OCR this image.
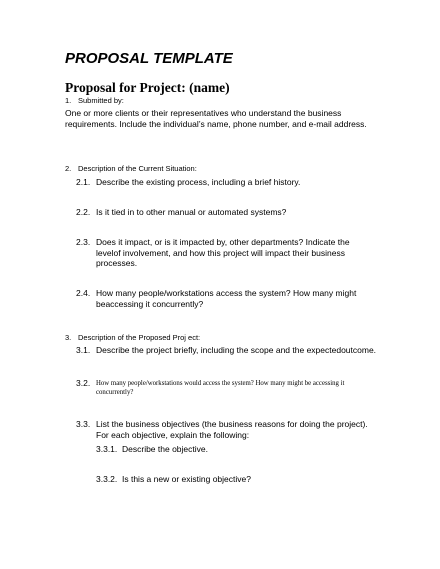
PROPOSAL TEMPLATE
Proposal for Project: (name)
1. Submitted by:
One or more clients or their representatives who understand the business requirements. Include the individual’s name, phone number, and e-mail address.
2. Description of the Current Situation:
2.1. Describe the existing process, including a brief history.
2.2. Is it tied in to other manual or automated systems?
2.3. Does it impact, or is it impacted by, other departments? Indicate the levelof involvement, and how this project will impact their business processes.
2.4. How many people/workstations access the system? How many might beaccessing it concurrently?
3. Description of the Proposed Proj ect:
3.1. Describe the project briefly, including the scope and the expectedoutcome.
3.2. How many people/workstations would access the system? How many might be accessing it concurrently?
3.3. List the business objectives (the business reasons for doing the project). For each objective, explain the following:
3.3.1. Describe the objective.
3.3.2. Is this a new or existing objective?
